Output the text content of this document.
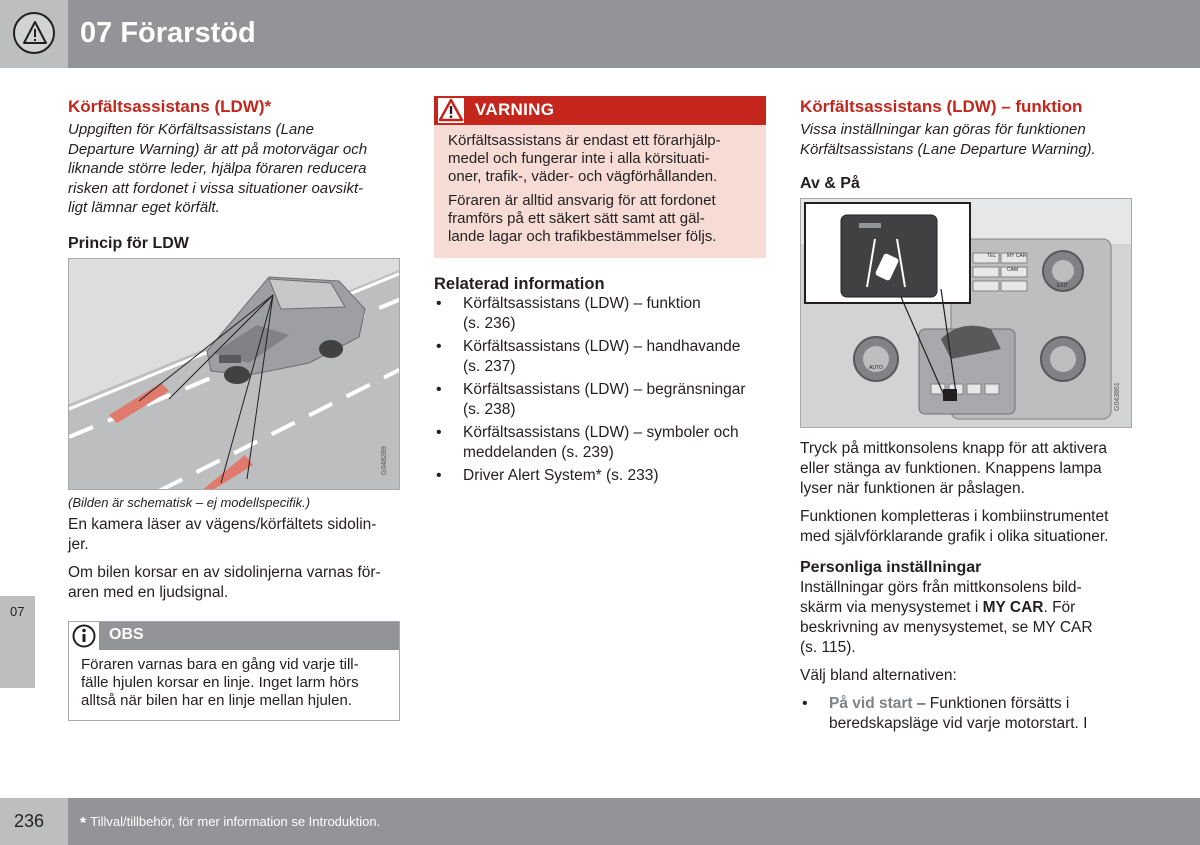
07 Förarstöd
07
Körfältsassistans (LDW)*
Uppgiften för Körfältsassistans (Lane
Departure Warning) är att på motorvägar och
liknande större leder, hjälpa föraren reducera
risken att fordonet i vissa situationer oavsikt-
ligt lämnar eget körfält.
Princip för LDW
G048289
(Bilden är schematisk – ej modellspecifik.)

En kamera läser av vägens/körfältets sidolin-
jer.

Om bilen korsar en av sidolinjerna varnas för-
aren med en ljudsignal.

OBS
Föraren varnas bara en gång vid varje till-
fälle hjulen korsar en linje. Inget larm hörs
alltså när bilen har en linje mellan hjulen.
VARNING

Körfältsassistans är endast ett förarhjälp-
medel och fungerar inte i alla körsituati-
oner, trafik-, väder- och vägförhållanden.

Föraren är alltid ansvarig för att fordonet
framförs på ett säkert sätt samt att gäl-
lande lagar och trafikbestämmelser följs.

Relaterad information
• Körfältsassistans (LDW) – funktion
(s. 236)
• Körfältsassistans (LDW) – handhavande
(s. 237)
• Körfältsassistans (LDW) – begränsningar
(s. 238)
• Körfältsassistans (LDW) – symboler och
meddelanden (s. 239)
• Driver Alert System* (s. 233)
Körfältsassistans (LDW) – funktion
Vissa inställningar kan göras för funktionen
Körfältsassistans (Lane Departure Warning).
Av & På
TEL MY CAR
CAM
EXIT
AUTO
G043861

Tryck på mittkonsolens knapp för att aktivera
eller stänga av funktionen. Knappens lampa
lyser när funktionen är påslagen.

Funktionen kompletteras i kombiinstrumentet
med självförklarande grafik i olika situationer.

Personliga inställningar

Inställningar görs från mittkonsolens bild-
skärm via menysystemet i MY CAR. För
beskrivning av menysystemet, se MY CAR
(s. 115).

Välj bland alternativen:

• På vid start – Funktionen försätts i
beredskapsläge vid varje motorstart. I
236 * Tillval/tillbehör, för mer information se Introduktion.
